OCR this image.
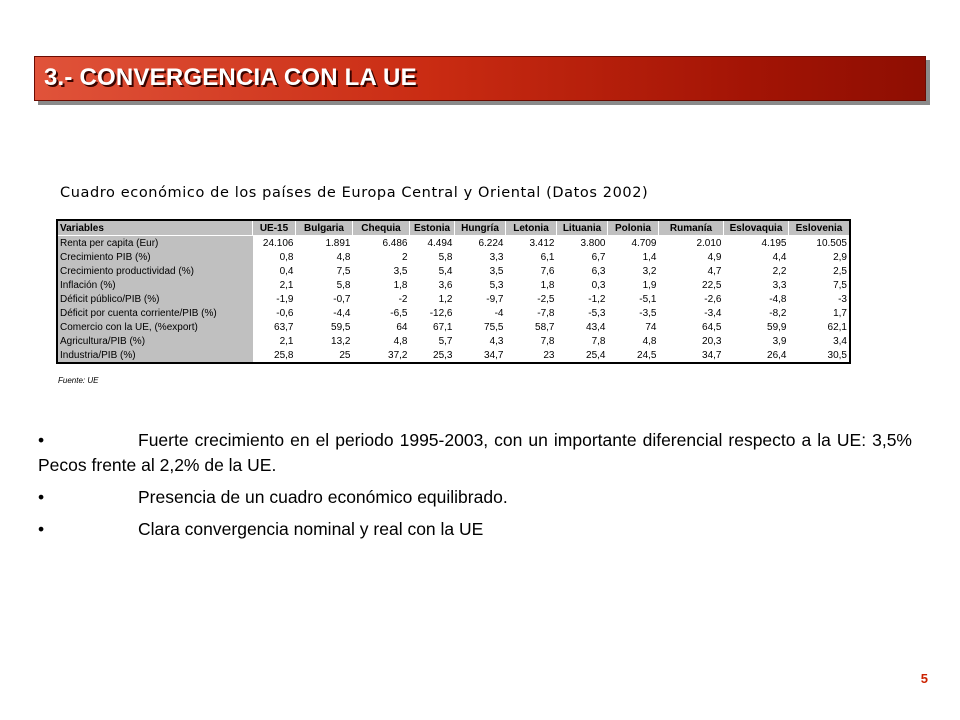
3.- CONVERGENCIA CON LA UE
Cuadro económico de los países de Europa Central y Oriental (Datos 2002)
Variables	UE-15	Bulgaria	Chequia	Estonia	Hungría	Letonia	Lituania	Polonia	Rumanía	Eslovaquia	Eslovenia
Renta per capita (Eur)	24.106	1.891	6.486	4.494	6.224	3.412	3.800	4.709	2.010	4.195	10.505
Crecimiento PIB (%)	0,8	4,8	2	5,8	3,3	6,1	6,7	1,4	4,9	4,4	2,9
Crecimiento productividad (%)	0,4	7,5	3,5	5,4	3,5	7,6	6,3	3,2	4,7	2,2	2,5
Inflación (%)	2,1	5,8	1,8	3,6	5,3	1,8	0,3	1,9	22,5	3,3	7,5
Déficit público/PIB (%)	-1,9	-0,7	-2	1,2	-9,7	-2,5	-1,2	-5,1	-2,6	-4,8	-3
Déficit por cuenta corriente/PIB (%)	-0,6	-4,4	-6,5	-12,6	-4	-7,8	-5,3	-3,5	-3,4	-8,2	1,7
Comercio con la UE, (%export)	63,7	59,5	64	67,1	75,5	58,7	43,4	74	64,5	59,9	62,1
Agricultura/PIB (%)	2,1	13,2	4,8	5,7	4,3	7,8	7,8	4,8	20,3	3,9	3,4
Industria/PIB (%)	25,8	25	37,2	25,3	34,7	23	25,4	24,5	34,7	26,4	30,5
Fuente: UE
•	Fuerte crecimiento en el periodo 1995-2003, con un importante diferencial respecto a la UE: 3,5% Pecos frente al 2,2% de la UE.
•	Presencia de un cuadro económico equilibrado.
•	Clara convergencia nominal y real con la UE
5
